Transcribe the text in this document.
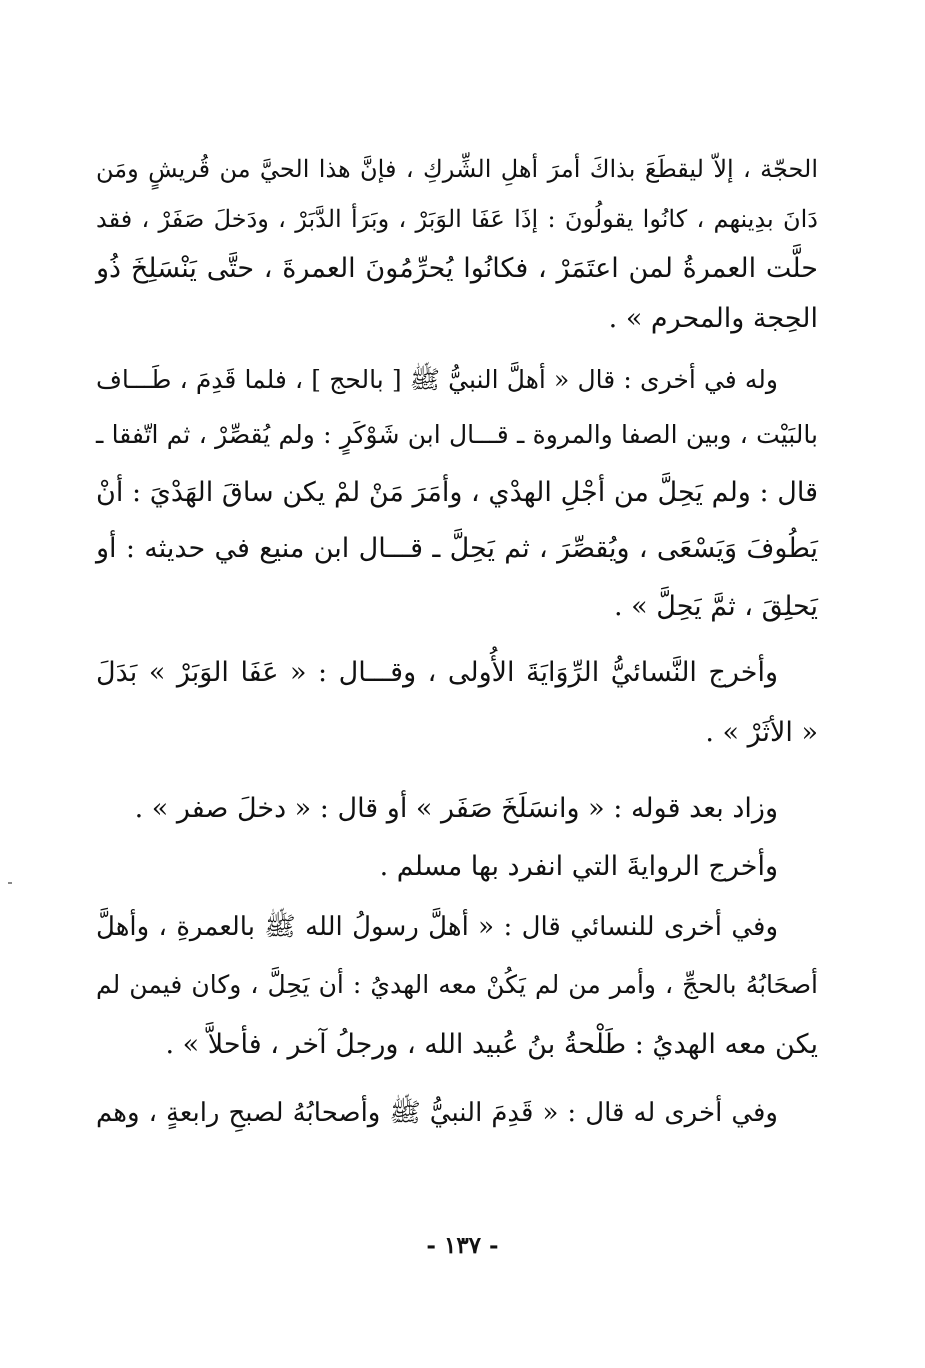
الحجّة ، إلاّ ليقطَعَ بذاكَ أمرَ أهلِ الشِّركِ ، فإنَّ هذا الحيَّ من قُريشٍ ومَن
دَانَ بدِينهم ، كانُوا يقولُونَ : إذَا عَفَا الوَبَرْ ، وبَرَأ الدَّبَرْ ، ودَخلَ صَفَرْ ، فقد
حلَّت العمرةُ لمن اعتَمَرْ ، فكانُوا يُحرِّمُونَ العمرةَ ، حتَّى يَنْسَلِخَ ذُو
الحِجة والمحرم » .
وله في أخرى : قال « أهلَّ النبيُّ ﷺ [ بالحج ] ، فلما قَدِمَ ، طَـــاف
بالبَيْت ، وبين الصفا والمروة ـ قـــال ابن شَوْكَرٍ : ولم يُقصِّرْ ، ثم اتّفقا ـ
قال : ولم يَحِلَّ من أجْلِ الهدْي ، وأمَرَ مَنْ لمْ يكن ساقَ الهَدْيَ : أنْ
يَطُوفَ وَيَسْعَى ، ويُقصِّرَ ، ثم يَحِلَّ ـ قـــال ابن منيع في حديثه : أو
يَحلِقَ ، ثمَّ يَحِلَّ » .
وأخرج النَّسائيُّ الرِّوَايَةَ الأُولى ، وقـــال : « عَفَا الوَبَرْ » بَدَلَ
« الأثَرْ » .
وزاد بعد قوله : « وانسَلَخَ صَفَر » أو قال : « دخلَ صفر » .
وأخرج الروايةَ التي انفرد بها مسلم .
وفي أخرى للنسائي قال : « أهلَّ رسولُ الله ﷺ بالعمرةِ ، وأهلَّ
أصحَابُهُ بالحجِّ ، وأمر من لم يَكُنْ معه الهديُ : أن يَحِلَّ ، وكان فيمن لم
يكن معه الهديُ : طَلْحةُ بنُ عُبيد الله ، ورجلُ آخر ، فأحلاَّ » .
وفي أخرى له قال : « قَدِمَ النبيُّ ﷺ وأصحابُهُ لصبحِ رابعةٍ ، وهم
- ١٣٧ -
